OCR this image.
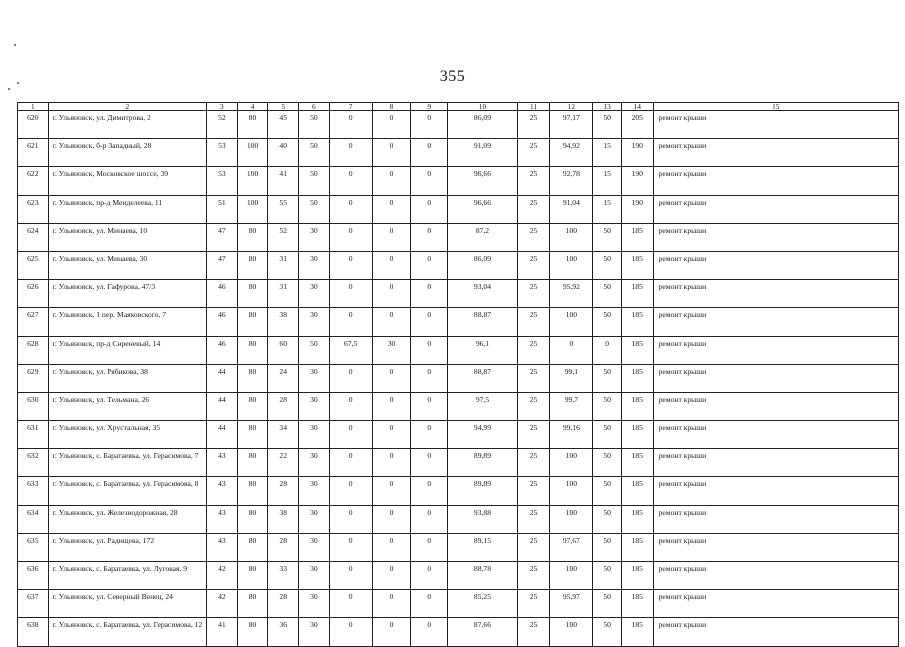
355
1	2	3	4	5	6	7	8	9	10	11	12	13	14	15
620	г. Ульяновск, ул. Димитрова, 2	52	80	45	50	0	0	0	86,09	25	97,17	50	205	ремонт крыши
621	г. Ульяновск, б-р Западный, 28	53	100	40	50	0	0	0	91,09	25	94,92	15	190	ремонт крыши
622	г. Ульяновск, Московское шоссе, 39	53	100	41	50	0	0	0	96,66	25	92,78	15	190	ремонт крыши
623	г. Ульяновск, пр-д Менделеева, 11	51	100	55	50	0	0	0	96,66	25	91,04	15	190	ремонт крыши
624	г. Ульяновск, ул. Минаева, 10	47	80	52	30	0	0	0	87,2	25	100	50	185	ремонт крыши
625	г. Ульяновск, ул. Минаева, 30	47	80	31	30	0	0	0	86,09	25	100	50	185	ремонт крыши
626	г. Ульяновск, ул. Гафурова, 47/3	46	80	31	30	0	0	0	93,04	25	95,92	50	185	ремонт крыши
627	г. Ульяновск, 1 пер. Маяковского, 7	46	80	38	30	0	0	0	88,87	25	100	50	185	ремонт крыши
628	г. Ульяновск, пр-д Сиреневый, 14	46	80	60	50	67,5	30	0	96,1	25	0	0	185	ремонт крыши
629	г. Ульяновск, ул. Рябикова, 38	44	80	24	30	0	0	0	88,87	25	99,1	50	185	ремонт крыши
630	г. Ульяновск, ул. Тельмана, 26	44	80	28	30	0	0	0	97,5	25	99,7	50	185	ремонт крыши
631	г. Ульяновск, ул. Хрустальная, 35	44	80	34	30	0	0	0	94,99	25	99,16	50	185	ремонт крыши
632	г. Ульяновск, с. Баратаевка, ул. Герасимова, 7	43	80	22	30	0	0	0	89,89	25	100	50	185	ремонт крыши
633	г. Ульяновск, с. Баратаевка, ул. Герасимова, 8	43	80	28	30	0	0	0	89,89	25	100	50	185	ремонт крыши
634	г. Ульяновск, ул. Железнодорожная, 28	43	80	38	30	0	0	0	93,88	25	100	50	185	ремонт крыши
635	г. Ульяновск, ул. Радищева, 172	43	80	28	30	0	0	0	89,15	25	97,67	50	185	ремонт крыши
636	г. Ульяновск, с. Баратаевка, ул. Луговая, 9	42	80	33	30	0	0	0	88,78	25	100	50	185	ремонт крыши
637	г. Ульяновск, ул. Северный Венец, 24	42	80	28	30	0	0	0	85,25	25	95,97	50	185	ремонт крыши
638	г. Ульяновск, с. Баратаевка, ул. Герасимова, 12	41	80	36	30	0	0	0	87,66	25	100	50	185	ремонт крыши
